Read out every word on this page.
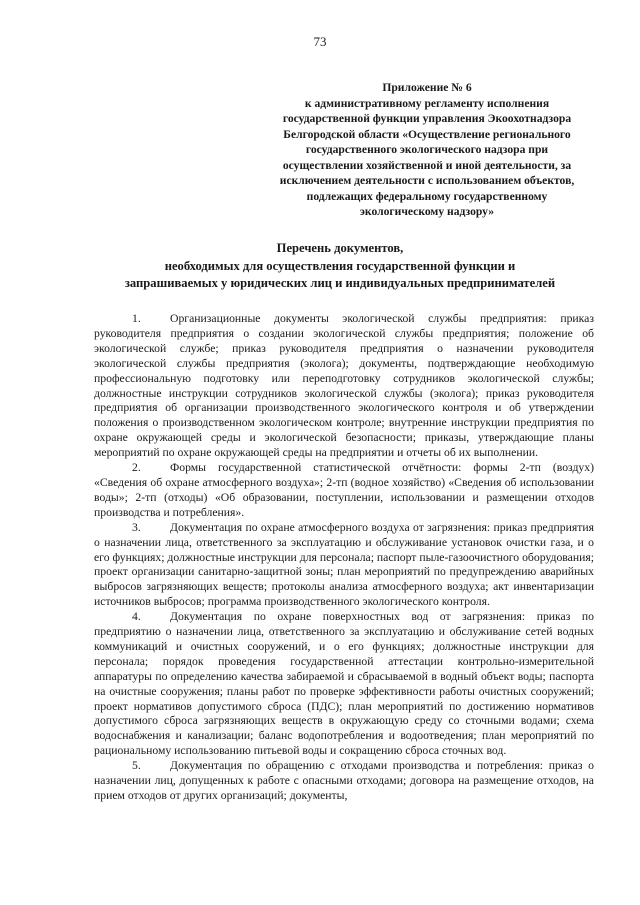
73
Приложение № 6
к административному регламенту исполнения
государственной функции управления Экоохотнадзора
Белгородской области «Осуществление регионального
государственного экологического надзора при
осуществлении хозяйственной и иной деятельности, за
исключением деятельности с использованием объектов,
подлежащих федеральному государственному
экологическому надзору»
Перечень документов,
необходимых для осуществления государственной функции и
запрашиваемых у юридических лиц и индивидуальных предпринимателей

1. Организационные документы экологической службы предприятия: приказ руководителя предприятия о создании экологической службы предприятия; положение об экологической службе; приказ руководителя предприятия о назначении руководителя экологической службы предприятия (эколога); документы, подтверждающие необходимую профессиональную подготовку или переподготовку сотрудников экологической службы; должностные инструкции сотрудников экологической службы (эколога); приказ руководителя предприятия об организации производственного экологического контроля и об утверждении положения о производственном экологическом контроле; внутренние инструкции предприятия по охране окружающей среды и экологической безопасности; приказы, утверждающие планы мероприятий по охране окружающей среды на предприятии и отчеты об их выполнении.

2. Формы государственной статистической отчётности: формы 2-тп (воздух) «Сведения об охране атмосферного воздуха»; 2-тп (водное хозяйство) «Сведения об использовании воды»; 2-тп (отходы) «Об образовании, поступлении, использовании и размещении отходов производства и потребления».

3. Документация по охране атмосферного воздуха от загрязнения: приказ предприятия о назначении лица, ответственного за эксплуатацию и обслуживание установок очистки газа, и о его функциях; должностные инструкции для персонала; паспорт пыле-газоочистного оборудования; проект организации санитарно-защитной зоны; план мероприятий по предупреждению аварийных выбросов загрязняющих веществ; протоколы анализа атмосферного воздуха; акт инвентаризации источников выбросов; программа производственного экологического контроля.

4. Документация по охране поверхностных вод от загрязнения: приказ по предприятию о назначении лица, ответственного за эксплуатацию и обслуживание сетей водных коммуникаций и очистных сооружений, и о его функциях; должностные инструкции для персонала; порядок проведения государственной аттестации контрольно-измерительной аппаратуры по определению качества забираемой и сбрасываемой в водный объект воды; паспорта на очистные сооружения; планы работ по проверке эффективности работы очистных сооружений; проект нормативов допустимого сброса (ПДС); план мероприятий по достижению нормативов допустимого сброса загрязняющих веществ в окружающую среду со сточными водами; схема водоснабжения и канализации; баланс водопотребления и водоотведения; план мероприятий по рациональному использованию питьевой воды и сокращению сброса сточных вод.

5. Документация по обращению с отходами производства и потребления: приказ о назначении лиц, допущенных к работе с опасными отходами; договора на размещение отходов, на прием отходов от других организаций; документы,
